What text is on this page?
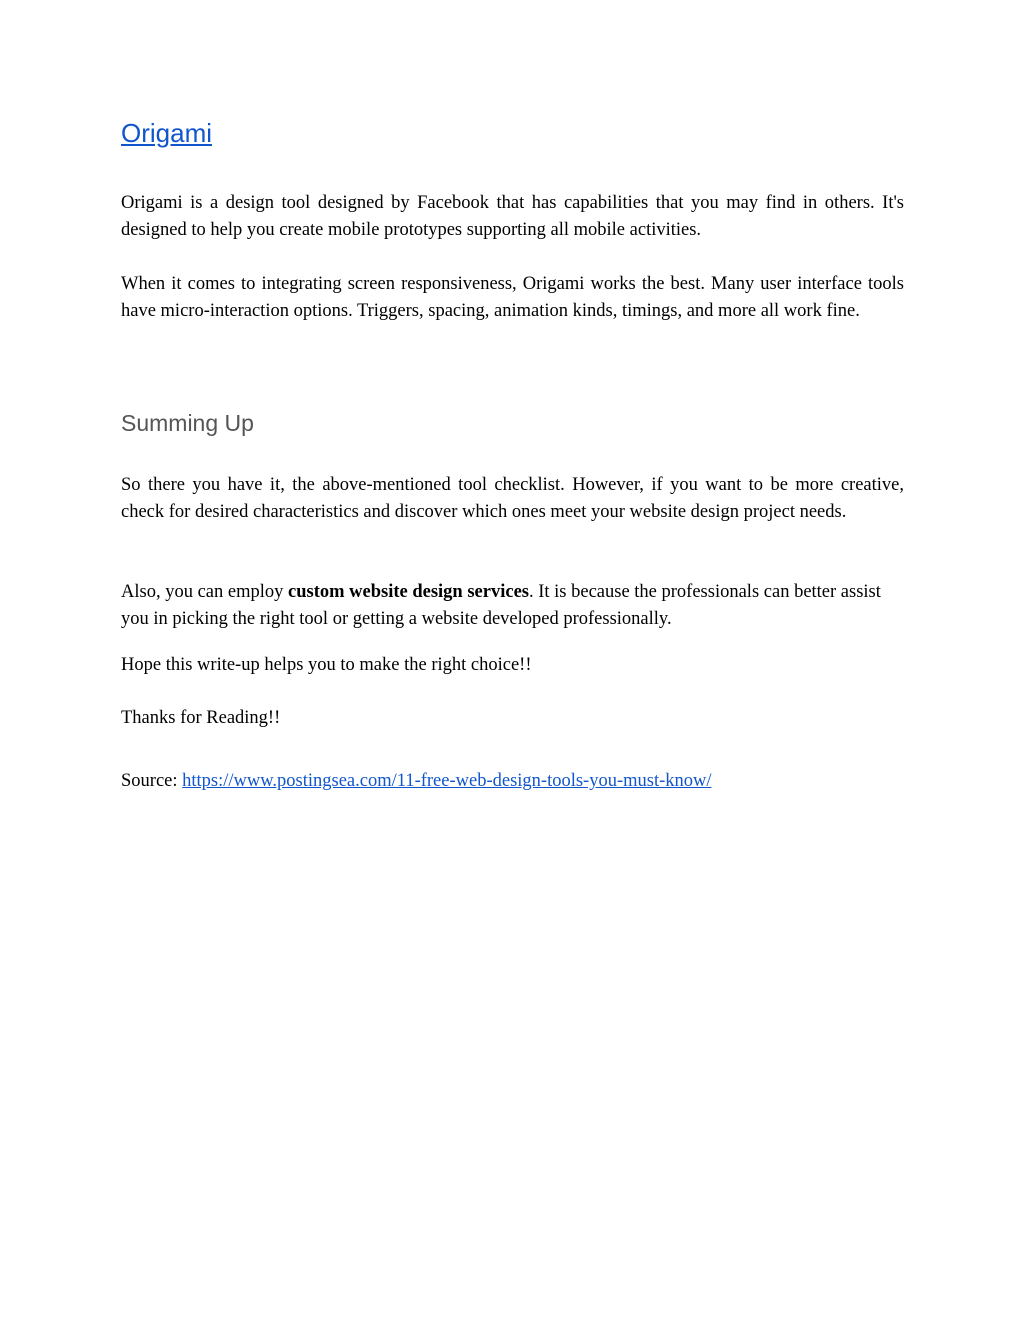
Origami

Origami is a design tool designed by Facebook that has capabilities that you may find in others. It's designed to help you create mobile prototypes supporting all mobile activities.

When it comes to integrating screen responsiveness, Origami works the best. Many user interface tools have micro-interaction options. Triggers, spacing, animation kinds, timings, and more all work fine.

Summing Up

So there you have it, the above-mentioned tool checklist. However, if you want to be more creative, check for desired characteristics and discover which ones meet your website design project needs.

Also, you can employ custom website design services. It is because the professionals can better assist you in picking the right tool or getting a website developed professionally.

Hope this write-up helps you to make the right choice!!

Thanks for Reading!!

Source: https://www.postingsea.com/11-free-web-design-tools-you-must-know/
